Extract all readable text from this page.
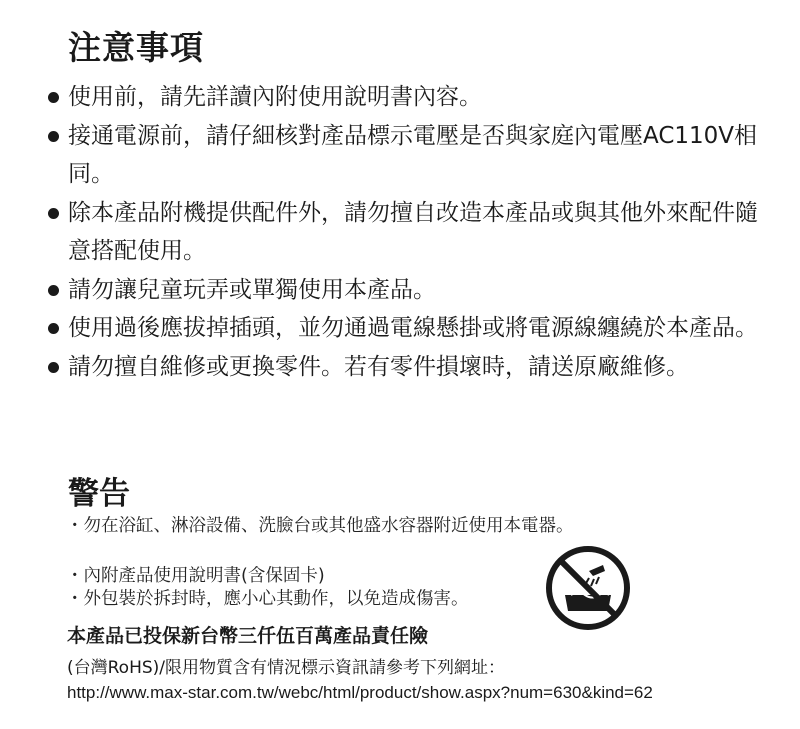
注意事項
使用前，請先詳讀內附使用說明書內容。
接通電源前，請仔細核對產品標示電壓是否與家庭內電壓AC110V相同。
除本產品附機提供配件外，請勿擅自改造本產品或與其他外來配件隨意搭配使用。
請勿讓兒童玩弄或單獨使用本產品。
使用過後應拔掉插頭，並勿通過電線懸掛或將電源線纏繞於本產品。
請勿擅自維修或更換零件。若有零件損壞時，請送原廠維修。
警告
・勿在浴缸、淋浴設備、洗臉台或其他盛水容器附近使用本電器。
・內附產品使用說明書(含保固卡)
・外包裝於拆封時，應小心其動作，以免造成傷害。
本產品已投保新台幣三仟伍百萬產品責任險
(台灣RoHS)/限用物質含有情況標示資訊請參考下列網址：
http://www.max-star.com.tw/webc/html/product/show.aspx?num=630&kind=62
